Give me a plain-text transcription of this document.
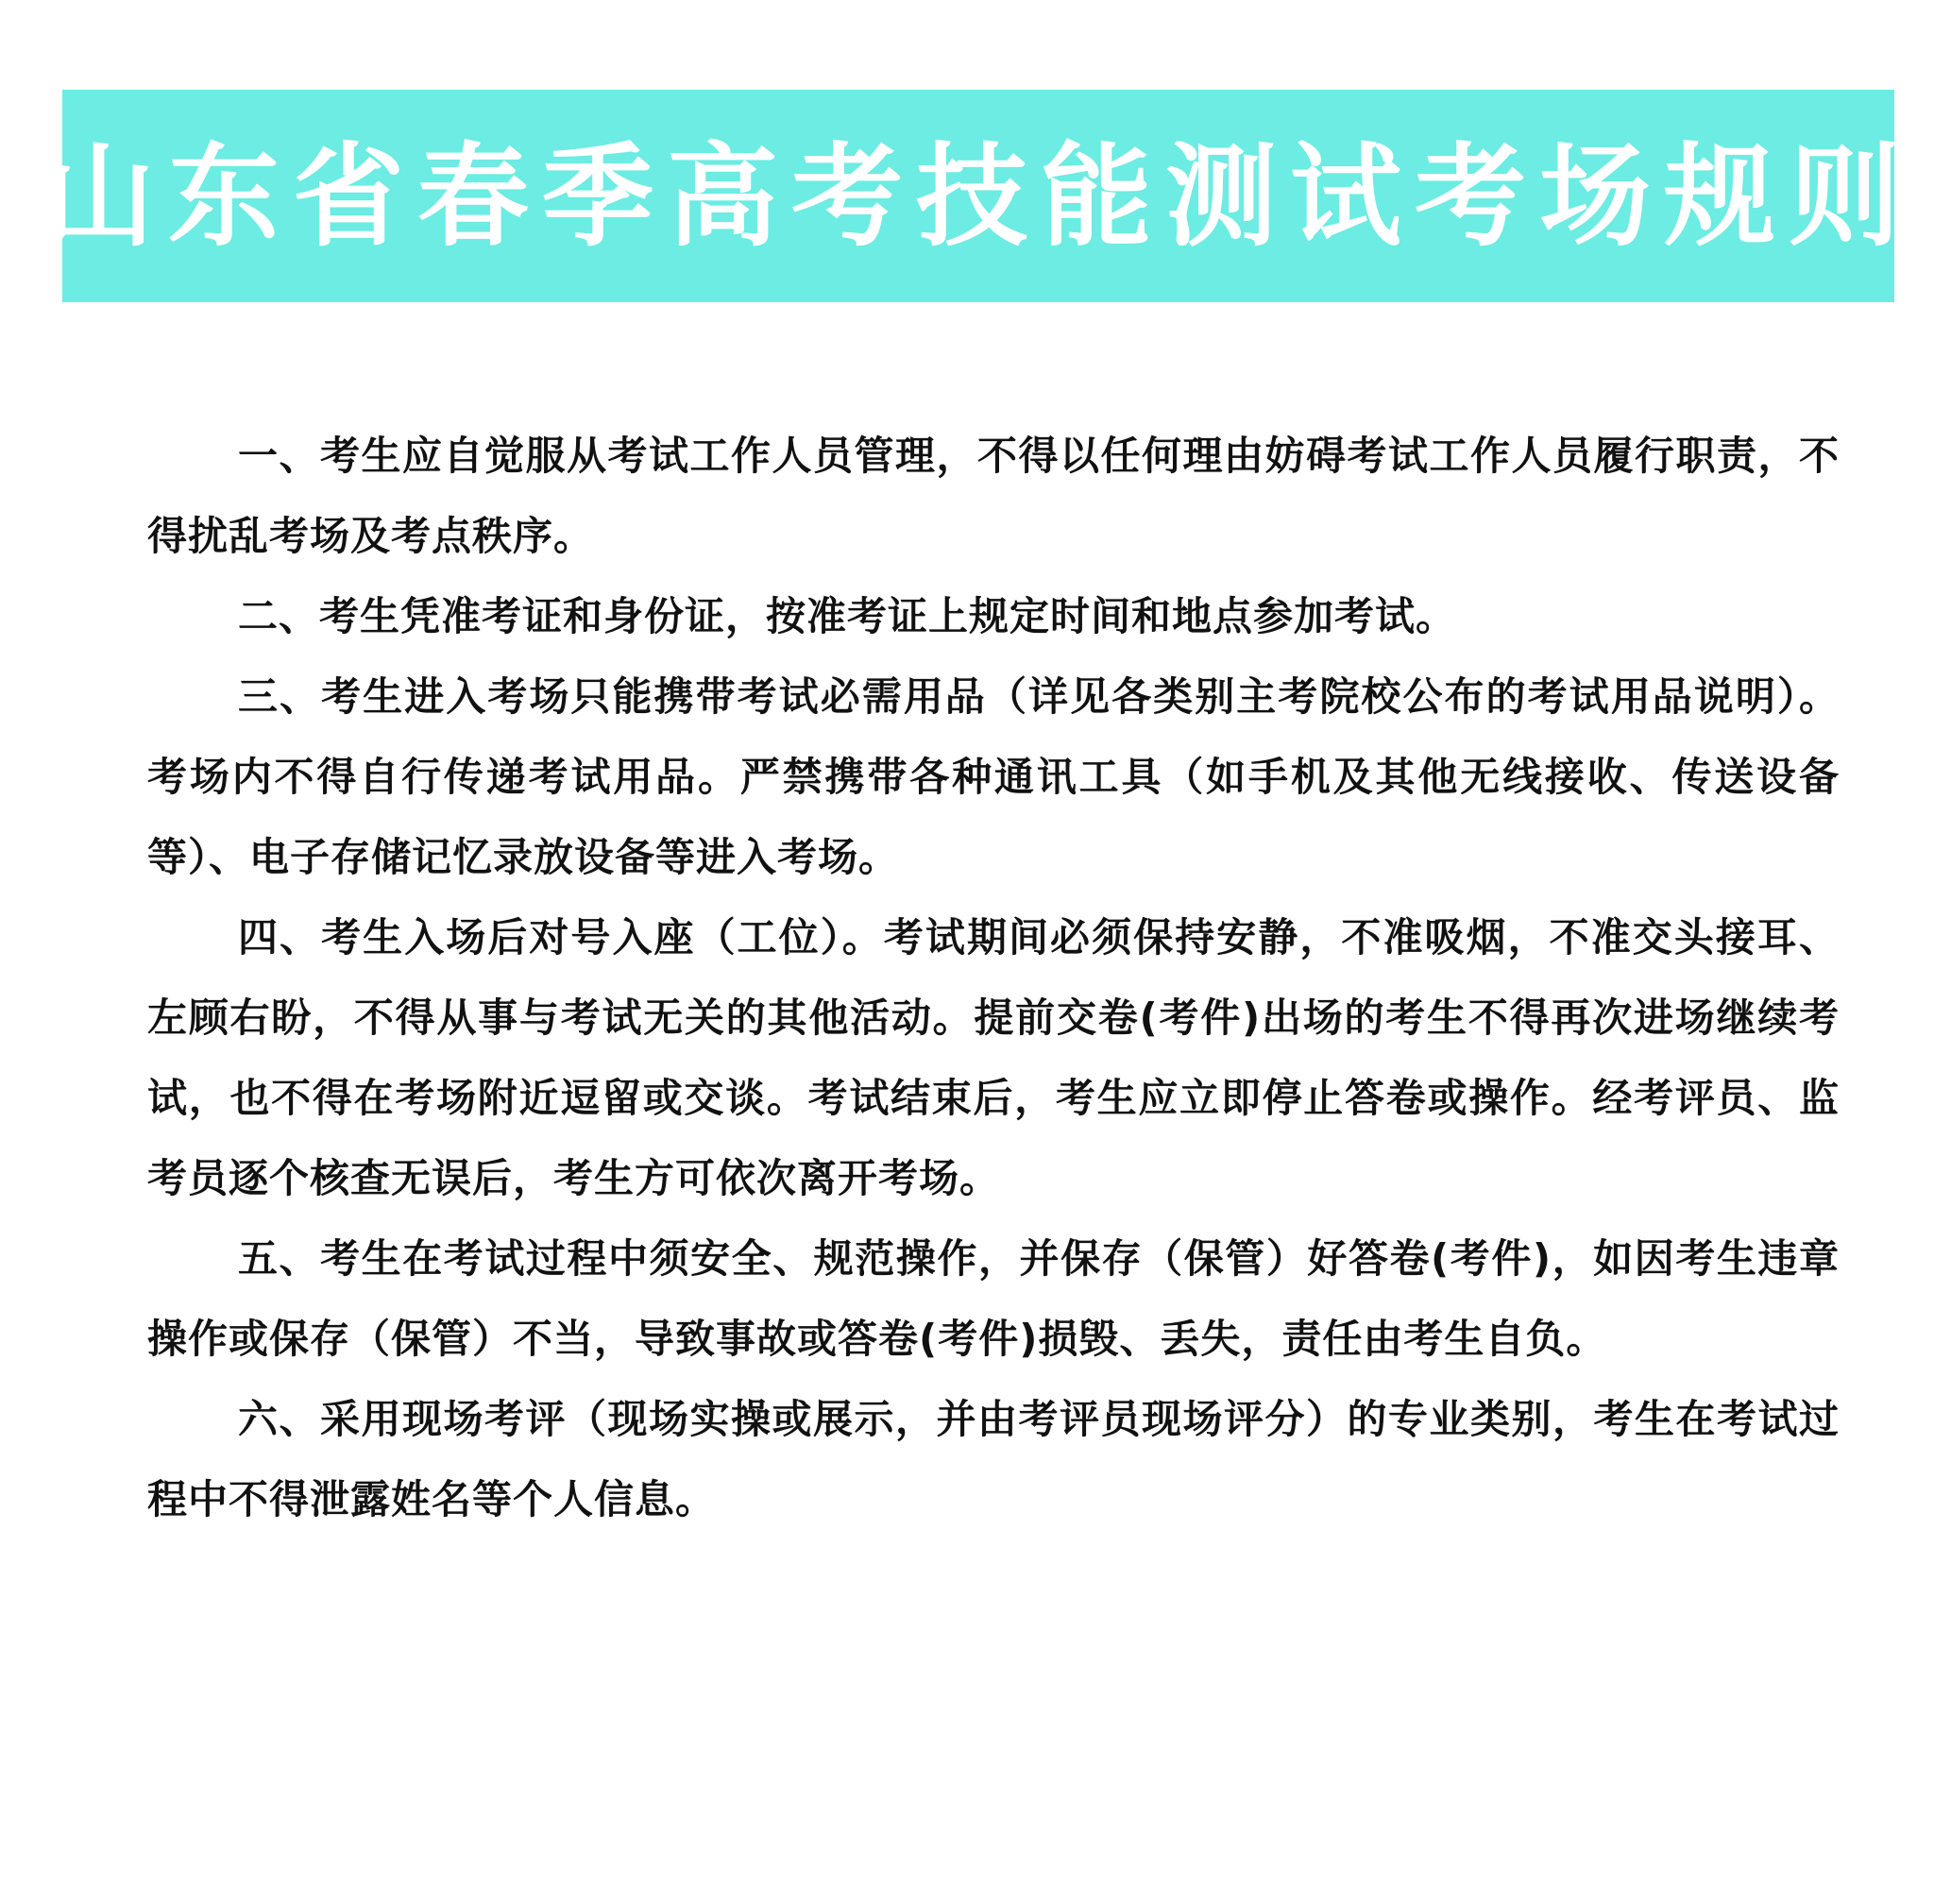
山东省春季高考技能测试考场规则

一、考生应自觉服从考试工作人员管理，不得以任何理由妨碍考试工作人员履行职责，不得扰乱考场及考点秩序。

二、考生凭准考证和身份证，按准考证上规定时间和地点参加考试。

三、考生进入考场只能携带考试必需用品（详见各类别主考院校公布的考试用品说明）。考场内不得自行传递考试用品。严禁携带各种通讯工具（如手机及其他无线接收、传送设备等）、电子存储记忆录放设备等进入考场。

四、考生入场后对号入座（工位）。考试期间必须保持安静，不准吸烟，不准交头接耳、左顾右盼，不得从事与考试无关的其他活动。提前交卷(考件)出场的考生不得再次进场继续考试，也不得在考场附近逗留或交谈。考试结束后，考生应立即停止答卷或操作。经考评员、监考员逐个核查无误后，考生方可依次离开考场。

五、考生在考试过程中须安全、规范操作，并保存（保管）好答卷(考件)，如因考生违章操作或保存（保管）不当，导致事故或答卷(考件)损毁、丢失，责任由考生自负。

六、采用现场考评（现场实操或展示，并由考评员现场评分）的专业类别，考生在考试过程中不得泄露姓名等个人信息。
